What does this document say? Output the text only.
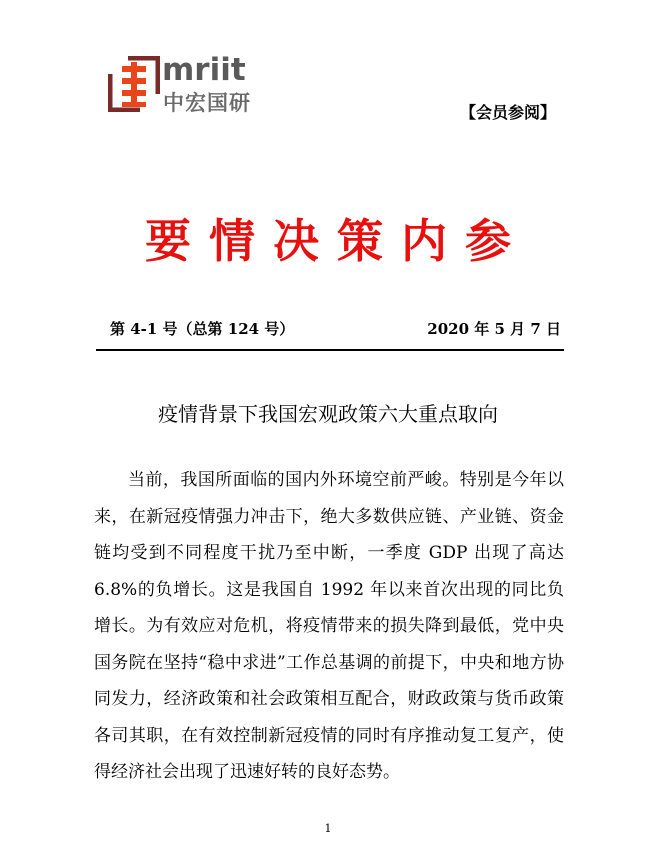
mriit
中宏国研	【会员参阅】
要情决策内参
第 4-1 号（总第 124 号）	2020 年 5 月 7 日
疫情背景下我国宏观政策六大重点取向

当前，我国所面临的国内外环境空前严峻。特别是今年以来，在新冠疫情强力冲击下，绝大多数供应链、产业链、资金链均受到不同程度干扰乃至中断，一季度 GDP 出现了高达 6.8%的负增长。这是我国自 1992 年以来首次出现的同比负增长。为有效应对危机，将疫情带来的损失降到最低，党中央国务院在坚持“稳中求进”工作总基调的前提下，中央和地方协同发力，经济政策和社会政策相互配合，财政政策与货币政策各司其职，在有效控制新冠疫情的同时有序推动复工复产，使得经济社会出现了迅速好转的良好态势。

1
